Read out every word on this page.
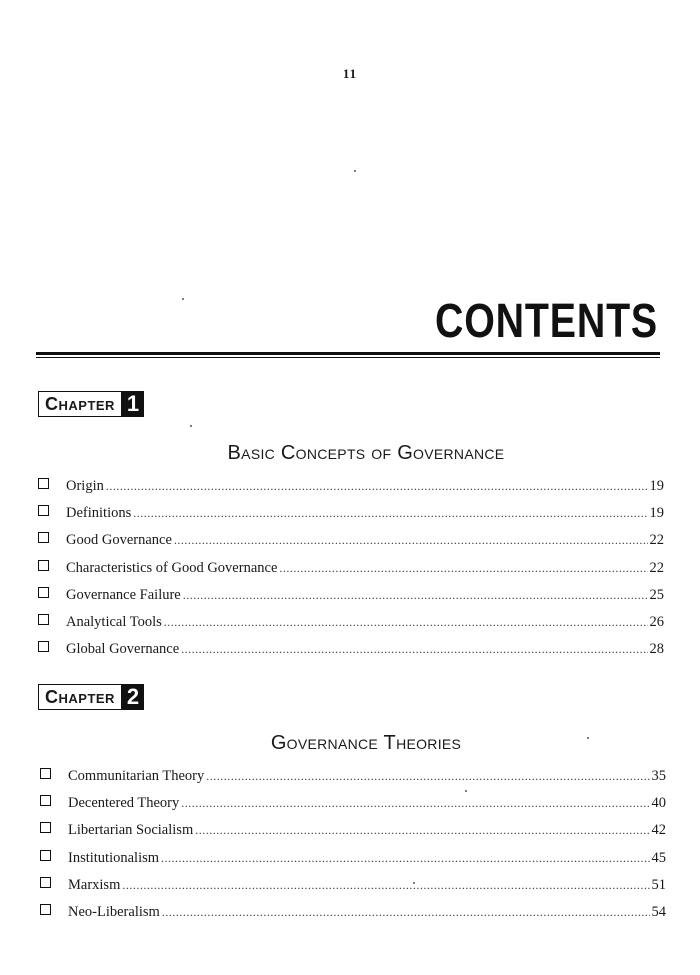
11
CONTENTS
Chapter 1
Basic Concepts of Governance
Origin .....	19
Definitions .....	19
Good Governance .....	22
Characteristics of Good Governance .....	22
Governance Failure .....	25
Analytical Tools .....	26
Global Governance .....	28
Chapter 2
Governance Theories
Communitarian Theory .....	35
Decentered Theory .....	40
Libertarian Socialism .....	42
Institutionalism .....	45
Marxism .....	51
Neo-Liberalism .....	54
